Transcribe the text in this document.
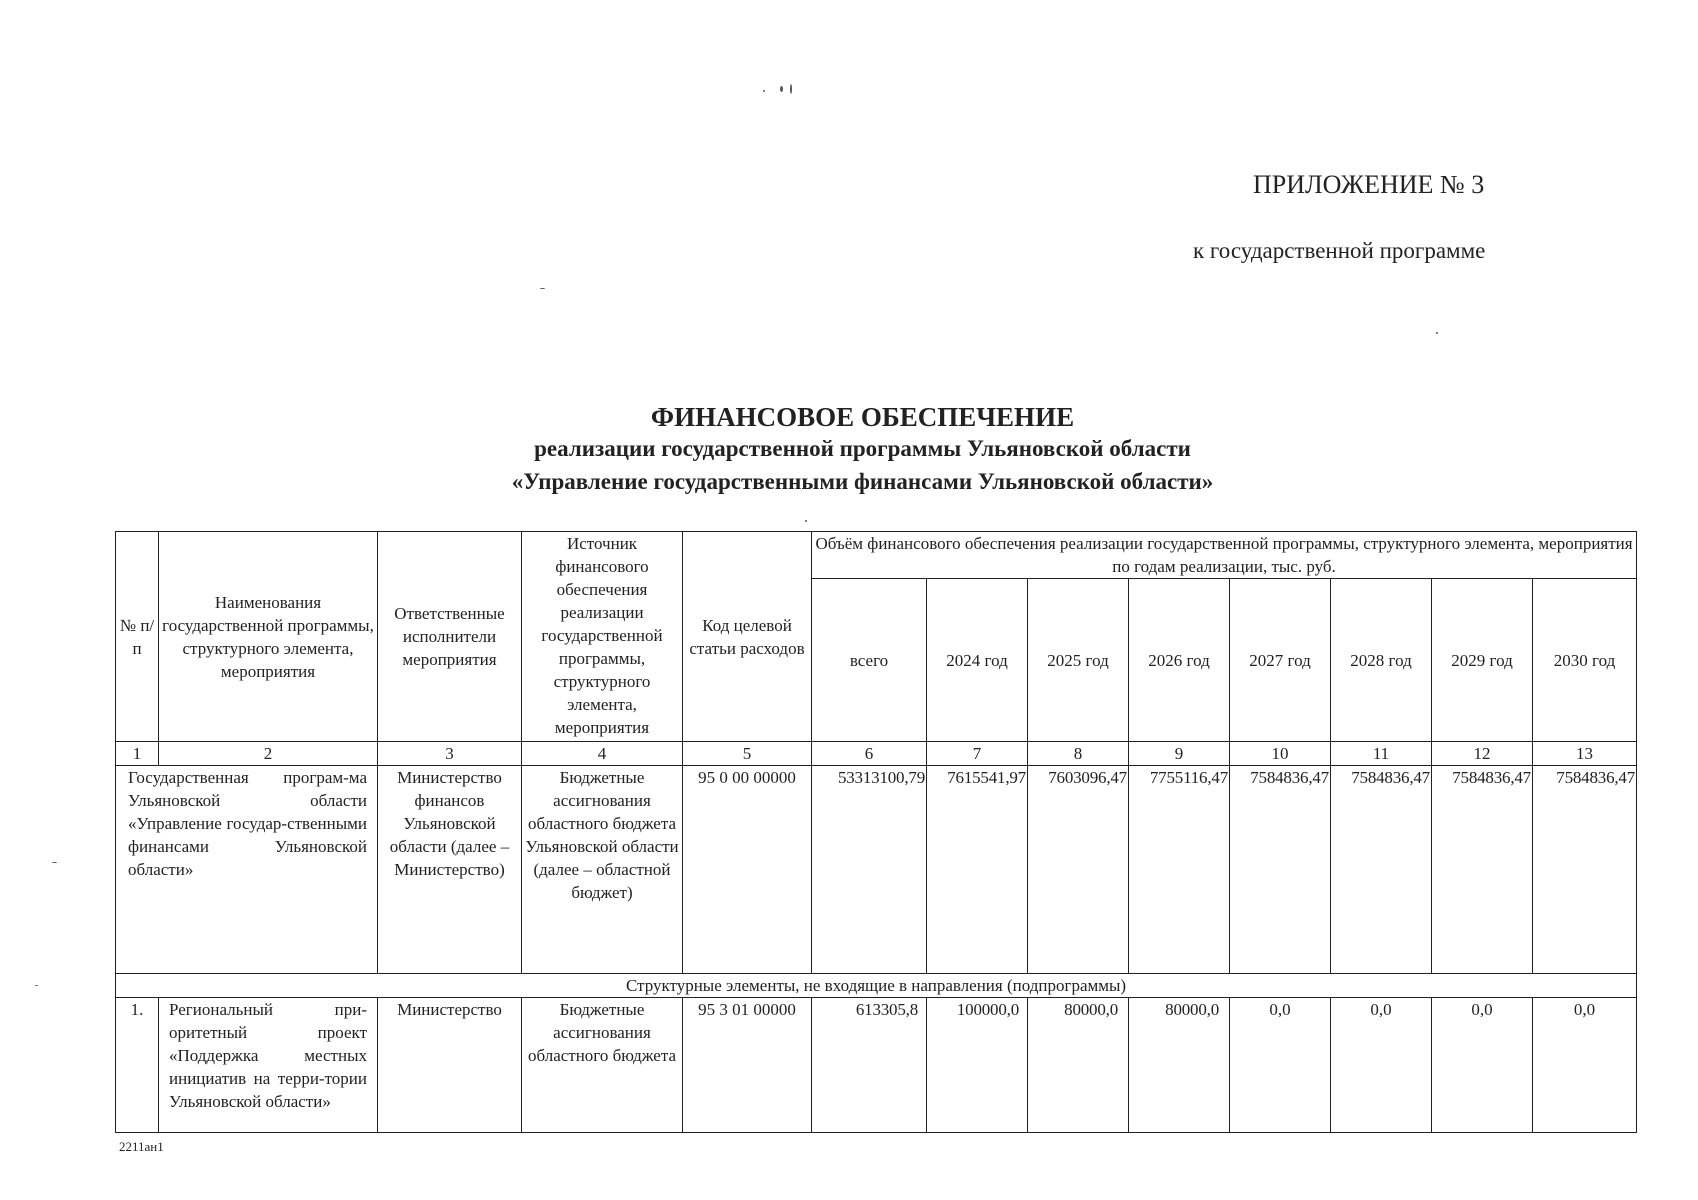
ПРИЛОЖЕНИЕ № 3
к государственной программе
ФИНАНСОВОЕ ОБЕСПЕЧЕНИЕ
реализации государственной программы Ульяновской области
«Управление государственными финансами Ульяновской области»
№ п/п	Наименования государственной программы, структурного элемента, мероприятия	Ответственные исполнители мероприятия	Источник финансового обеспечения реализации государственной программы, структурного элемента, мероприятия	Код целевой статьи расходов	Объём финансового обеспечения реализации государственной программы, структурного элемента, мероприятия по годам реализации, тыс. руб.							
					всего	2024 год	2025 год	2026 год	2027 год	2028 год	2029 год	2030 год
1	2	3	4	5	6	7	8	9	10	11	12	13
Государственная програм-ма Ульяновской области «Управление государ-ственными финансами Ульяновской области»		Министерство финансов Ульяновской области (далее – Министерство)	Бюджетные ассигнования областного бюджета Ульяновской области (далее – областной бюджет)	95 0 00 00000	53313100,79	7615541,97	7603096,47	7755116,47	7584836,47	7584836,47	7584836,47	7584836,47
Структурные элементы, не входящие в направления (подпрограммы)												
1.	Региональный при-оритетный проект «Поддержка местных инициатив на терри-тории Ульяновской области»	Министерство	Бюджетные ассигнования областного бюджета	95 3 01 00000	613305,8	100000,0	80000,0	80000,0	0,0	0,0	0,0	0,0
2211ан1
